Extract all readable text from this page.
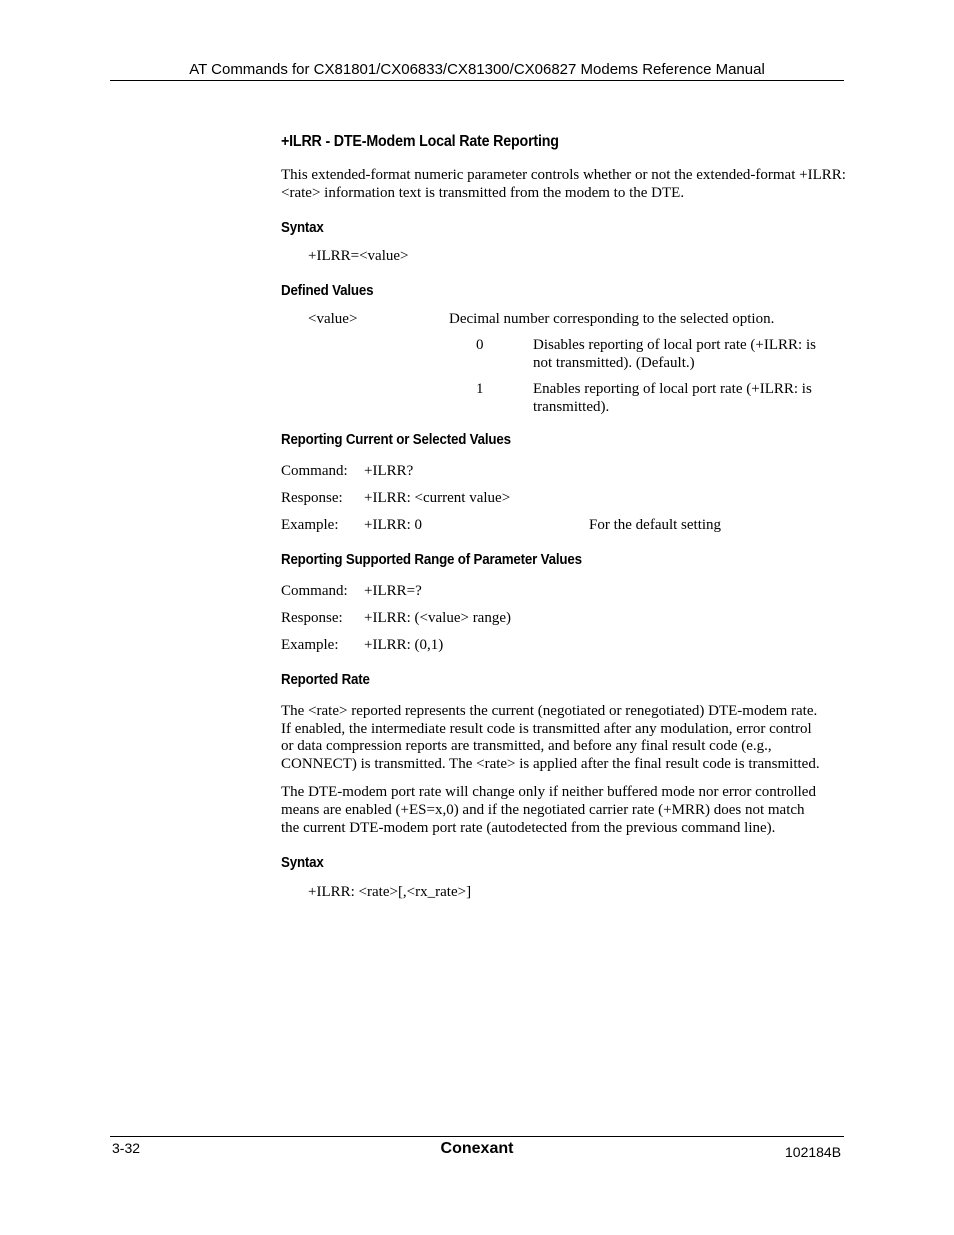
AT Commands for CX81801/CX06833/CX81300/CX06827 Modems Reference Manual
+ILRR - DTE-Modem Local Rate Reporting
This extended-format numeric parameter controls whether or not the extended-format +ILRR:<rate> information text is transmitted from the modem to the DTE.
Syntax
+ILRR=<value>
Defined Values
<value>	Decimal number corresponding to the selected option.
0	Disables reporting of local port rate (+ILRR: is
not transmitted). (Default.)
1	Enables reporting of local port rate (+ILRR: is
transmitted).
Reporting Current or Selected Values
Command: +ILRR?
Response: +ILRR: <current value>
Example: +ILRR: 0	For the default setting
Reporting Supported Range of Parameter Values
Command: +ILRR=?
Response: +ILRR: (<value> range)
Example: +ILRR: (0,1)
Reported Rate
The <rate> reported represents the current (negotiated or renegotiated) DTE-modem rate.
If enabled, the intermediate result code is transmitted after any modulation, error control
or data compression reports are transmitted, and before any final result code (e.g.,
CONNECT) is transmitted. The <rate> is applied after the final result code is transmitted.
The DTE-modem port rate will change only if neither buffered mode nor error controlled
means are enabled (+ES=x,0) and if the negotiated carrier rate (+MRR) does not match
the current DTE-modem port rate (autodetected from the previous command line).
Syntax
+ILRR: <rate>[,<rx_rate>]
3-32	Conexant	102184B
